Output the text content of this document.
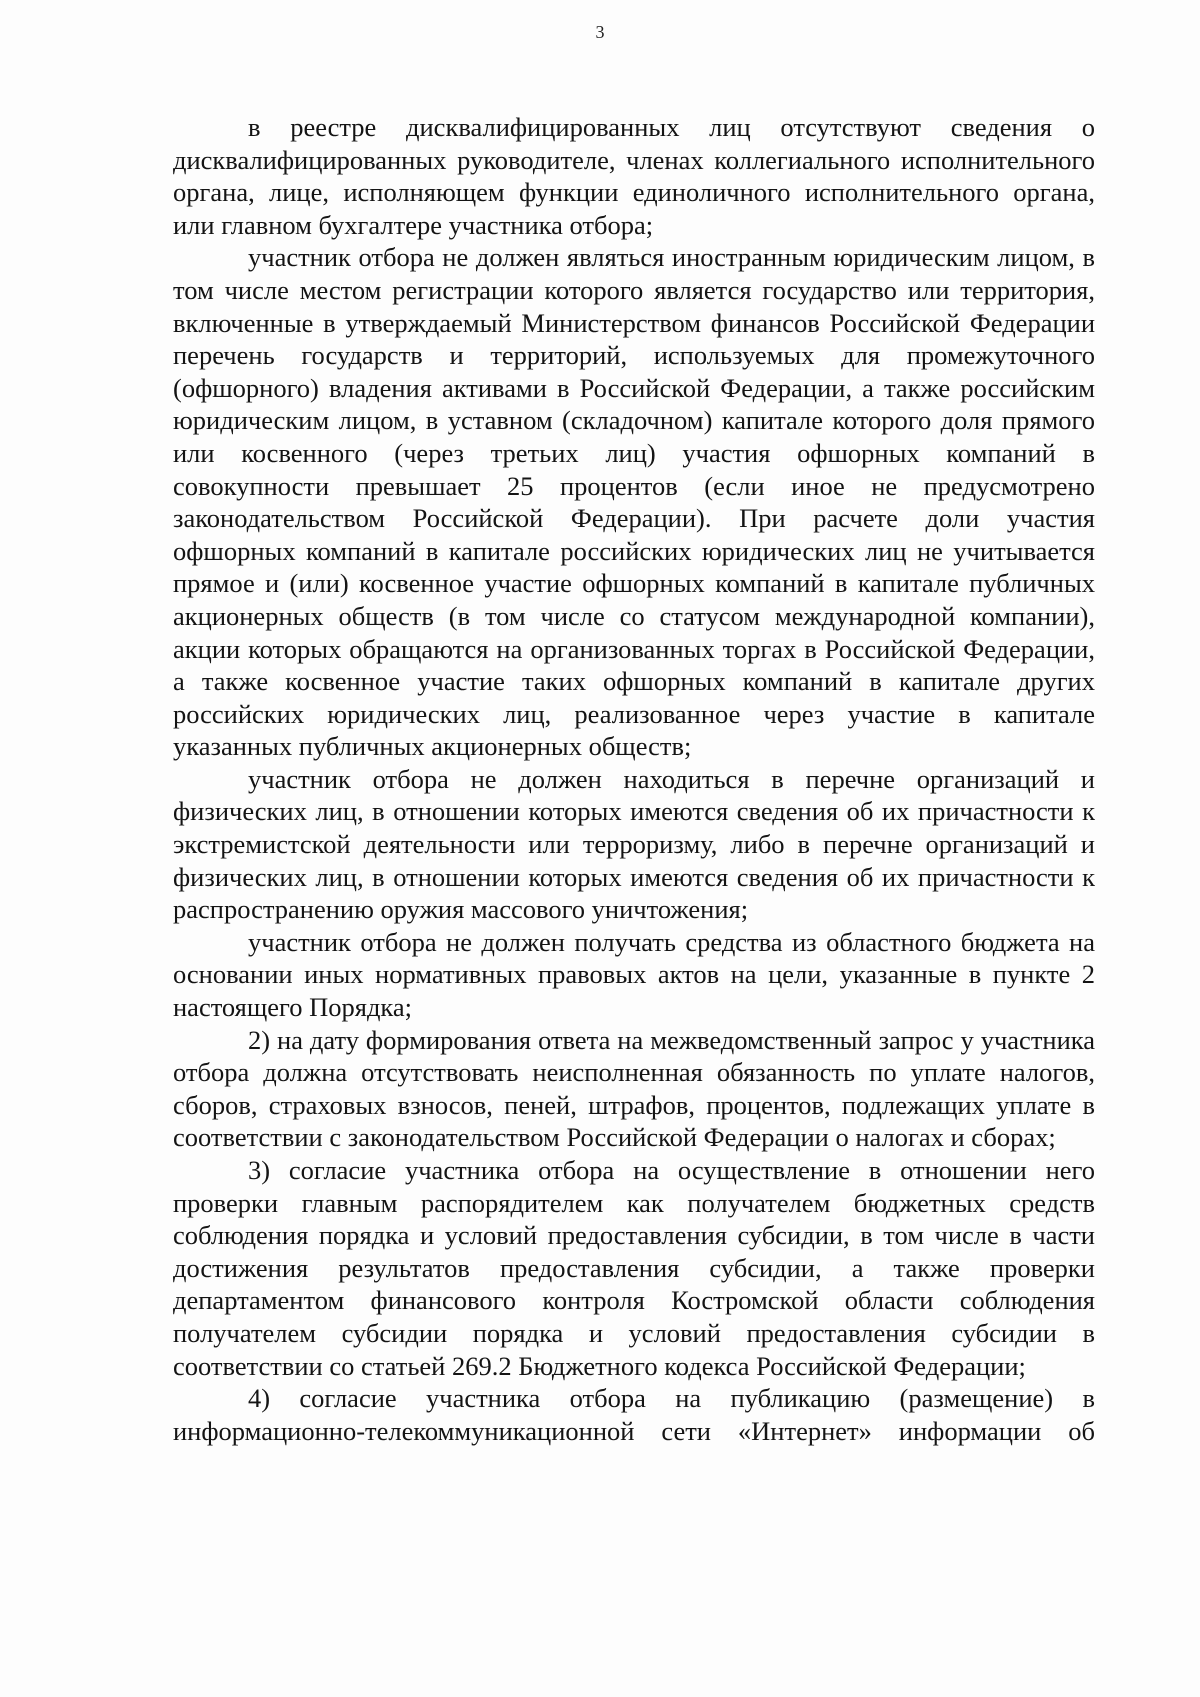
3

в реестре дисквалифицированных лиц отсутствуют сведения о

дисквалифицированных руководителе, членах коллегиального исполнительного органа, лице, исполняющем функции единоличного исполнительного органа, или главном бухгалтере участника отбора;

участник отбора не должен являться иностранным юридическим лицом, в том числе местом регистрации которого является государство или территория, включенные в утверждаемый Министерством финансов Российской Федерации перечень государств и территорий, используемых для промежуточного (офшорного) владения активами в Российской Федерации, а также российским юридическим лицом, в уставном (складочном) капитале которого доля прямого или косвенного (через третьих лиц) участия офшорных компаний в совокупности превышает 25 процентов (если иное не предусмотрено законодательством Российской Федерации). При расчете доли участия офшорных компаний в капитале российских юридических лиц не учитывается прямое и (или) косвенное участие офшорных компаний в капитале публичных акционерных обществ (в том числе со статусом международной компании), акции которых обращаются на организованных торгах в Российской Федерации, а также косвенное участие таких офшорных компаний в капитале других российских юридических лиц, реализованное через участие в капитале указанных публичных акционерных обществ;

участник отбора не должен находиться в перечне организаций и физических лиц, в отношении которых имеются сведения об их причастности к экстремистской деятельности или терроризму, либо в перечне организаций и физических лиц, в отношении которых имеются сведения об их причастности к распространению оружия массового уничтожения;

участник отбора не должен получать средства из областного бюджета на основании иных нормативных правовых актов на цели, указанные в пункте 2 настоящего Порядка;

2) на дату формирования ответа на межведомственный запрос у участника отбора должна отсутствовать неисполненная обязанность по уплате налогов, сборов, страховых взносов, пеней, штрафов, процентов, подлежащих уплате в соответствии с законодательством Российской Федерации о налогах и сборах;

3) согласие участника отбора на осуществление в отношении него проверки главным распорядителем как получателем бюджетных средств соблюдения порядка и условий предоставления субсидии, в том числе в части достижения результатов предоставления субсидии, а также проверки департаментом финансового контроля Костромской области соблюдения получателем субсидии порядка и условий предоставления субсидии в соответствии со статьей 269.2 Бюджетного кодекса Российской Федерации;

4) согласие участника отбора на публикацию (размещение) в информационно-телекоммуникационной сети «Интернет» информации об
